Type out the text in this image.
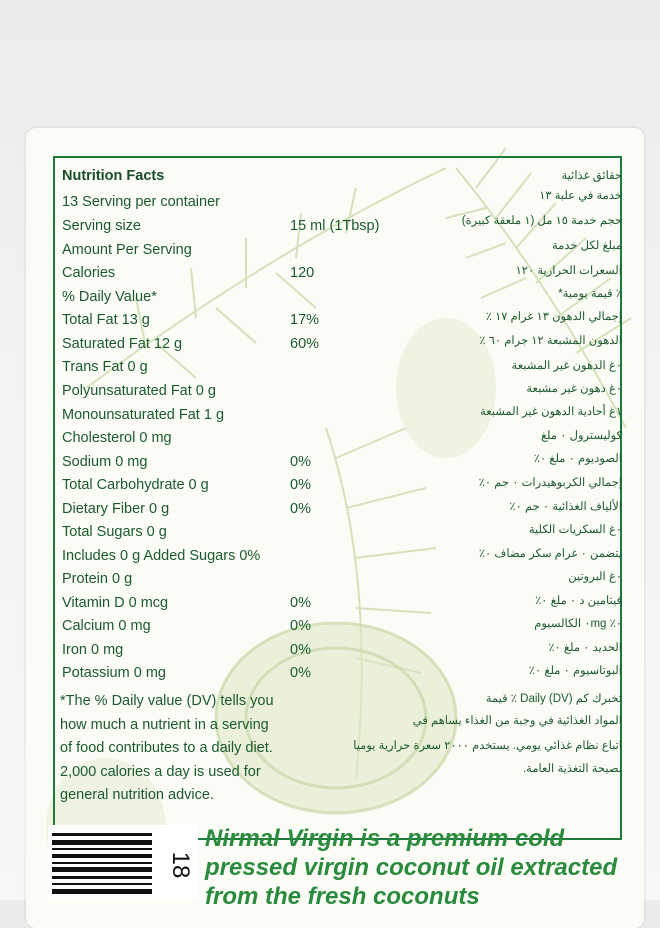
Nutrition Facts
13 Serving per container
Serving size	15 ml (1Tbsp)
Amount Per Serving
Calories	120
% Daily Value*
Total Fat 13 g	17%
Saturated Fat 12 g	60%
Trans Fat 0 g
Polyunsaturated Fat 0 g
Monounsaturated Fat 1 g
Cholesterol 0 mg
Sodium 0 mg	0%
Total Carbohydrate 0 g	0%
Dietary Fiber 0 g	0%
Total Sugars 0 g
Includes 0 g Added Sugars 0%
Protein 0 g
Vitamin D 0 mcg	0%
Calcium 0 mg	0%
Iron 0 mg	0%
Potassium 0 mg	0%
*The % Daily value (DV) tells you
how much a nutrient in a serving
of food contributes to a daily diet.
2,000 calories a day is used for
general nutrition advice.
حقائق غذائية
خدمة في علبة ١٣
حجم خدمة ١٥ مل (١ ملعقة كبيرة)
مبلغ لكل خدمة
السعرات الحرارية ١٢٠
٪ قيمة يومية*
إجمالي الدهون ١٣ غرام ١٧ ٪
الدهون المشبعة ١٢ جرام ٦٠ ٪
٠غ الدهون غير المشبعة
٠غ دهون غير مشبعة
١غ أحادية الدهون غير المشبعة
كوليسترول ٠ ملغ
الصوديوم ٠ ملغ ٠٪
إجمالي الكربوهيدرات ٠ جم ٠٪
الألياف الغذائية ٠ جم ٠٪
٠غ السكريات الكلية
يتضمن ٠ غرام سكر مضاف ٠٪
٠غ البروتين
فيتامين د ٠ ملغ ٠٪
٠٪ ٠mg الكالسيوم
الحديد ٠ ملغ ٠٪
البوتاسيوم ٠ ملغ ٠٪
تخبرك كم (DV) Daily ٪ قيمة
المواد الغذائية في وجبة من الغذاء يساهم في
اتباع نظام غذائي يومي. يستخدم ٢٠٠٠ سعرة حرارية يوميا
نصيحة التغذية العامة.
Nirmal Virgin is a premium cold
pressed virgin coconut oil extracted
from the fresh coconuts
18
